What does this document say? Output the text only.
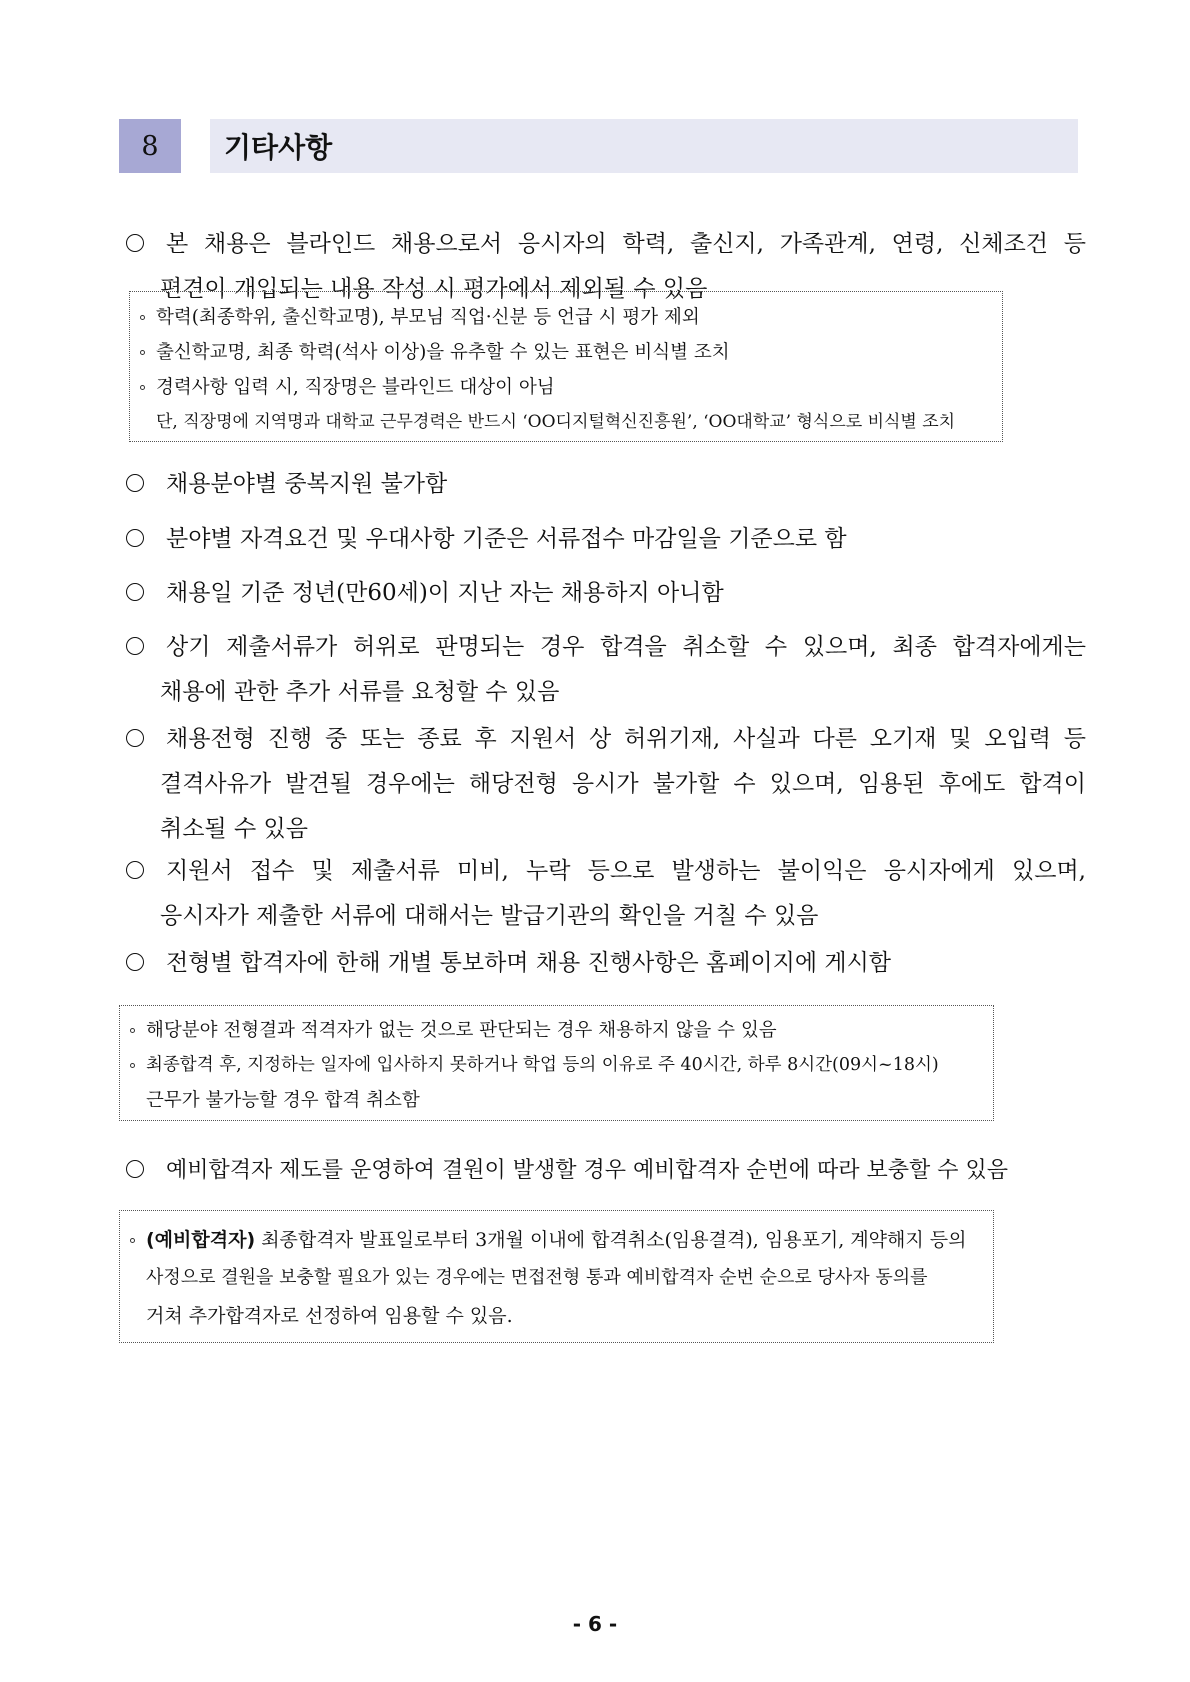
8	기타사항
본 채용은 블라인드 채용으로서 응시자의 학력, 출신지, 가족관계, 연령, 신체조건 등
편견이 개입되는 내용 작성 시 평가에서 제외될 수 있음
학력(최종학위, 출신학교명), 부모님 직업·신분 등 언급 시 평가 제외
출신학교명, 최종 학력(석사 이상)을 유추할 수 있는 표현은 비식별 조치
경력사항 입력 시, 직장명은 블라인드 대상이 아님
단, 직장명에 지역명과 대학교 근무경력은 반드시 ‘OO디지털혁신진흥원’, ‘OO대학교’ 형식으로 비식별 조치
채용분야별 중복지원 불가함
분야별 자격요건 및 우대사항 기준은 서류접수 마감일을 기준으로 함
채용일 기준 정년(만60세)이 지난 자는 채용하지 아니함
상기 제출서류가 허위로 판명되는 경우 합격을 취소할 수 있으며, 최종 합격자에게는
채용에 관한 추가 서류를 요청할 수 있음
채용전형 진행 중 또는 종료 후 지원서 상 허위기재, 사실과 다른 오기재 및 오입력 등
결격사유가 발견될 경우에는 해당전형 응시가 불가할 수 있으며, 임용된 후에도 합격이
취소될 수 있음
지원서 접수 및 제출서류 미비, 누락 등으로 발생하는 불이익은 응시자에게 있으며,
응시자가 제출한 서류에 대해서는 발급기관의 확인을 거칠 수 있음
전형별 합격자에 한해 개별 통보하며 채용 진행사항은 홈페이지에 게시함
해당분야 전형결과 적격자가 없는 것으로 판단되는 경우 채용하지 않을 수 있음
최종합격 후, 지정하는 일자에 입사하지 못하거나 학업 등의 이유로 주 40시간, 하루 8시간(09시~18시)
근무가 불가능할 경우 합격 취소함
예비합격자 제도를 운영하여 결원이 발생할 경우 예비합격자 순번에 따라 보충할 수 있음
(예비합격자) 최종합격자 발표일로부터 3개월 이내에 합격취소(임용결격), 임용포기, 계약해지 등의
사정으로 결원을 보충할 필요가 있는 경우에는 면접전형 통과 예비합격자 순번 순으로 당사자 동의를
거쳐 추가합격자로 선정하여 임용할 수 있음.
- 6 -
